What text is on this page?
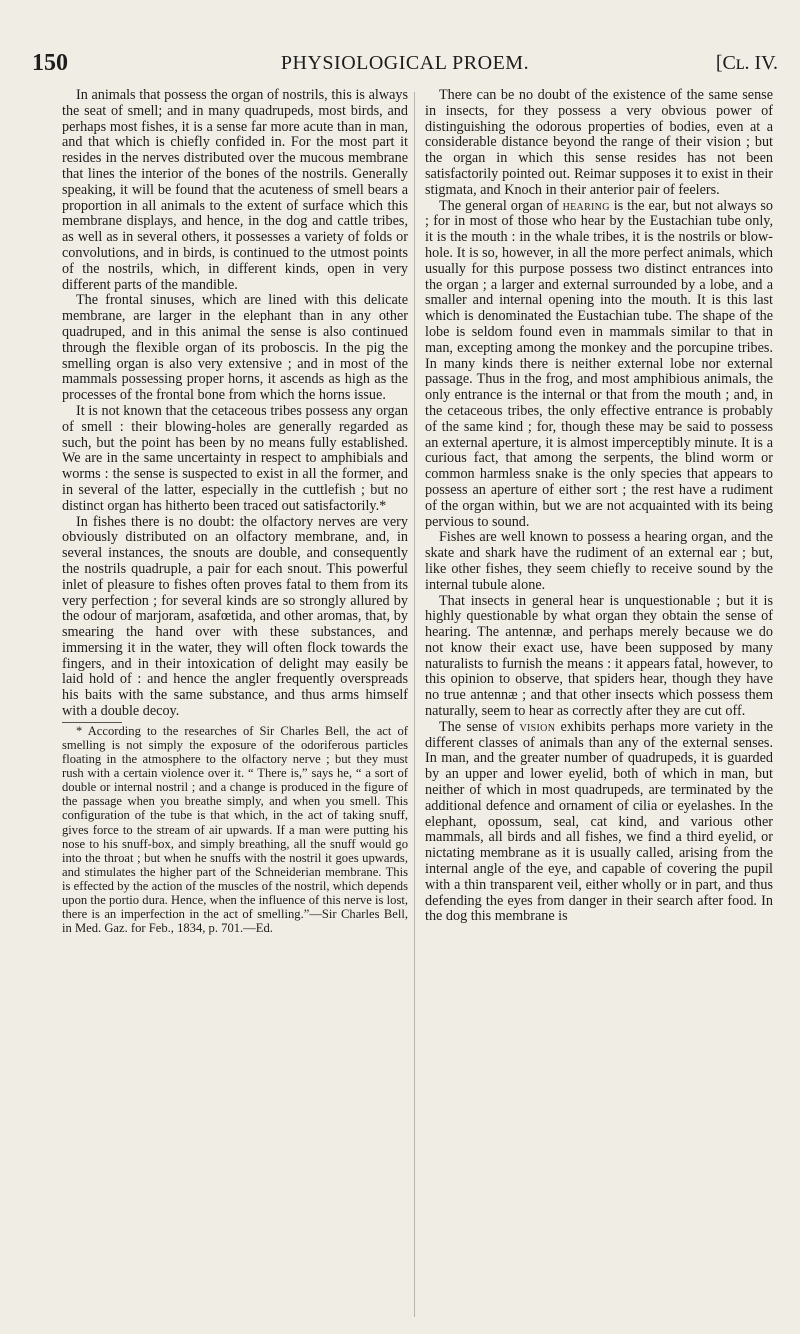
150	PHYSIOLOGICAL PROEM.	[Cʟ. IV.

In animals that possess the organ of nostrils, this is always the seat of smell; and in many quadrupeds, most birds, and perhaps most fishes, it is a sense far more acute than in man, and that which is chiefly confided in. For the most part it resides in the nerves distributed over the mucous membrane that lines the interior of the bones of the nostrils. Generally speaking, it will be found that the acuteness of smell bears a proportion in all animals to the extent of surface which this membrane displays, and hence, in the dog and cattle tribes, as well as in several others, it possesses a variety of folds or convolutions, and in birds, is continued to the utmost points of the nostrils, which, in different kinds, open in very different parts of the mandible.

The frontal sinuses, which are lined with this delicate membrane, are larger in the elephant than in any other quadruped, and in this animal the sense is also continued through the flexible organ of its proboscis. In the pig the smelling organ is also very extensive ; and in most of the mammals possessing proper horns, it ascends as high as the processes of the frontal bone from which the horns issue.

It is not known that the cetaceous tribes possess any organ of smell : their blowing-holes are generally regarded as such, but the point has been by no means fully established. We are in the same uncertainty in respect to amphibials and worms : the sense is suspected to exist in all the former, and in several of the latter, especially in the cuttlefish ; but no distinct organ has hitherto been traced out satisfactorily.*

In fishes there is no doubt: the olfactory nerves are very obviously distributed on an olfactory membrane, and, in several instances, the snouts are double, and consequently the nostrils quadruple, a pair for each snout. This powerful inlet of pleasure to fishes often proves fatal to them from its very perfection ; for several kinds are so strongly allured by the odour of marjoram, asafœtida, and other aromas, that, by smearing the hand over with these substances, and immersing it in the water, they will often flock towards the fingers, and in their intoxication of delight may easily be laid hold of : and hence the angler frequently overspreads his baits with the same substance, and thus arms himself with a double decoy.

* According to the researches of Sir Charles Bell, the act of smelling is not simply the exposure of the odoriferous particles floating in the atmosphere to the olfactory nerve ; but they must rush with a certain violence over it. “ There is,” says he, “ a sort of double or internal nostril ; and a change is produced in the figure of the passage when you breathe simply, and when you smell. This configuration of the tube is that which, in the act of taking snuff, gives force to the stream of air upwards. If a man were putting his nose to his snuff-box, and simply breathing, all the snuff would go into the throat ; but when he snuffs with the nostril it goes upwards, and stimulates the higher part of the Schneiderian membrane. This is effected by the action of the muscles of the nostril, which depends upon the portio dura. Hence, when the influence of this nerve is lost, there is an imperfection in the act of smelling.”—Sir Charles Bell, in Med. Gaz. for Feb., 1834, p. 701.—Ed.

There can be no doubt of the existence of the same sense in insects, for they possess a very obvious power of distinguishing the odorous properties of bodies, even at a considerable distance beyond the range of their vision ; but the organ in which this sense resides has not been satisfactorily pointed out. Reimar supposes it to exist in their stigmata, and Knoch in their anterior pair of feelers.

The general organ of hearing is the ear, but not always so ; for in most of those who hear by the Eustachian tube only, it is the mouth : in the whale tribes, it is the nostrils or blow-hole. It is so, however, in all the more perfect animals, which usually for this purpose possess two distinct entrances into the organ ; a larger and external surrounded by a lobe, and a smaller and internal opening into the mouth. It is this last which is denominated the Eustachian tube. The shape of the lobe is seldom found even in mammals similar to that in man, excepting among the monkey and the porcupine tribes. In many kinds there is neither external lobe nor external passage. Thus in the frog, and most amphibious animals, the only entrance is the internal or that from the mouth ; and, in the cetaceous tribes, the only effective entrance is probably of the same kind ; for, though these may be said to possess an external aperture, it is almost imperceptibly minute. It is a curious fact, that among the serpents, the blind worm or common harmless snake is the only species that appears to possess an aperture of either sort ; the rest have a rudiment of the organ within, but we are not acquainted with its being pervious to sound.

Fishes are well known to possess a hearing organ, and the skate and shark have the rudiment of an external ear ; but, like other fishes, they seem chiefly to receive sound by the internal tubule alone.

That insects in general hear is unquestionable ; but it is highly questionable by what organ they obtain the sense of hearing. The antennæ, and perhaps merely because we do not know their exact use, have been supposed by many naturalists to furnish the means : it appears fatal, however, to this opinion to observe, that spiders hear, though they have no true antennæ ; and that other insects which possess them naturally, seem to hear as correctly after they are cut off.

The sense of vision exhibits perhaps more variety in the different classes of animals than any of the external senses. In man, and the greater number of quadrupeds, it is guarded by an upper and lower eyelid, both of which in man, but neither of which in most quadrupeds, are terminated by the additional defence and ornament of cilia or eyelashes. In the elephant, opossum, seal, cat kind, and various other mammals, all birds and all fishes, we find a third eyelid, or nictating membrane as it is usually called, arising from the internal angle of the eye, and capable of covering the pupil with a thin transparent veil, either wholly or in part, and thus defending the eyes from danger in their search after food. In the dog this membrane is
